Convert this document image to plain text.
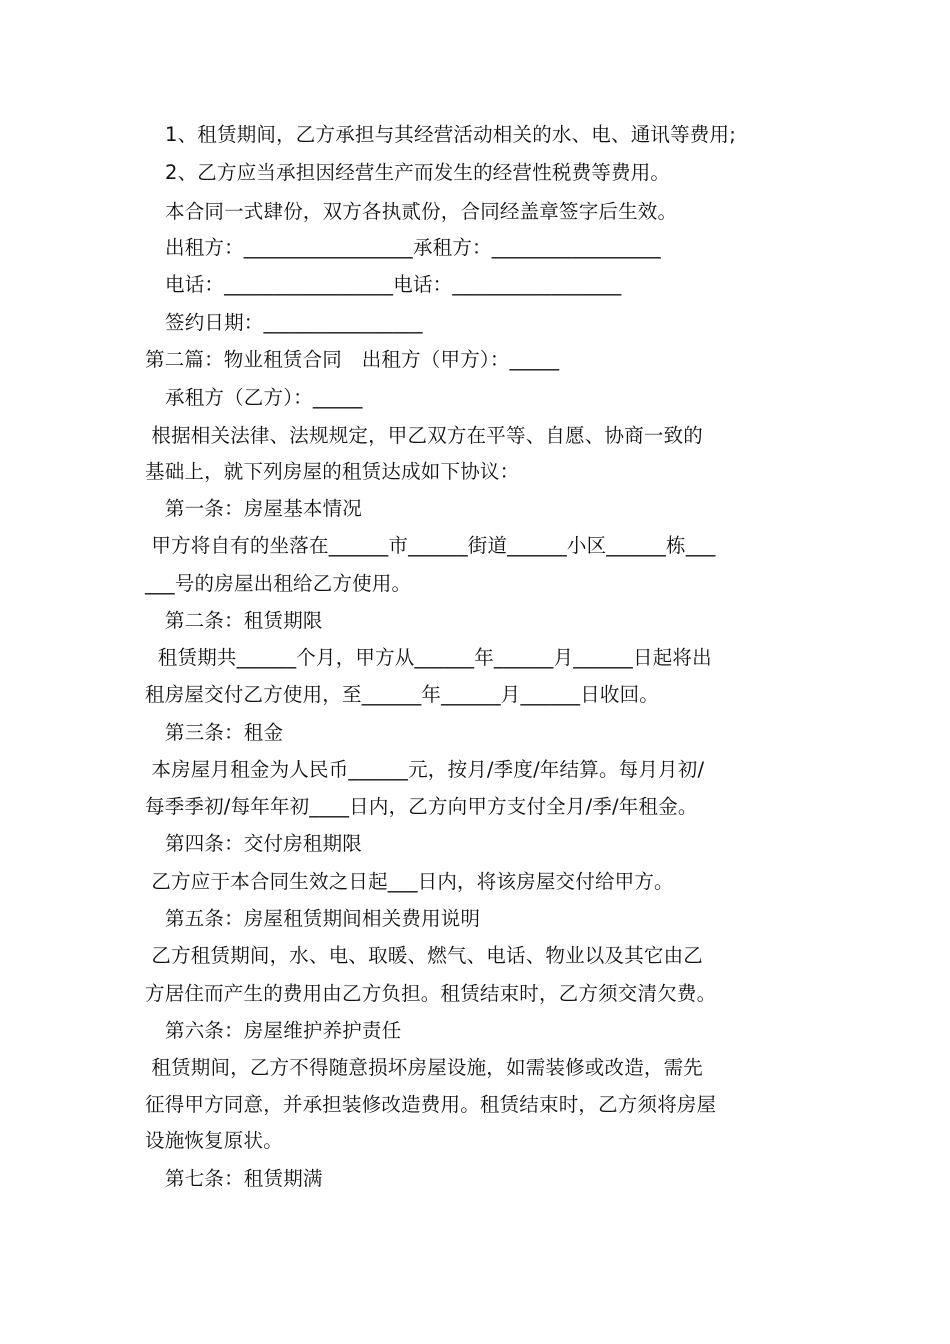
1、租赁期间，乙方承担与其经营活动相关的水、电、通讯等费用;
2、乙方应当承担因经营生产而发生的经营性税费等费用。
本合同一式肆份，双方各执贰份，合同经盖章签字后生效。
出租方：_________________承租方：_________________
电话：_________________电话：_________________
签约日期：________________
第二篇：物业租赁合同　出租方（甲方）：_____
承租方（乙方）：_____
根据相关法律、法规规定，甲乙双方在平等、自愿、协商一致的
基础上，就下列房屋的租赁达成如下协议：
第一条：房屋基本情况
甲方将自有的坐落在______市______街道______小区______栋___
___号的房屋出租给乙方使用。
第二条：租赁期限
租赁期共______个月，甲方从______年______月______日起将出
租房屋交付乙方使用，至______年______月______日收回。
第三条：租金
本房屋月租金为人民币______元，按月/季度/年结算。每月月初/
每季季初/每年年初____日内，乙方向甲方支付全月/季/年租金。
第四条：交付房租期限
乙方应于本合同生效之日起___日内，将该房屋交付给甲方。
第五条：房屋租赁期间相关费用说明
乙方租赁期间，水、电、取暖、燃气、电话、物业以及其它由乙
方居住而产生的费用由乙方负担。租赁结束时，乙方须交清欠费。
第六条：房屋维护养护责任
租赁期间，乙方不得随意损坏房屋设施，如需装修或改造，需先
征得甲方同意，并承担装修改造费用。租赁结束时，乙方须将房屋
设施恢复原状。
第七条：租赁期满
